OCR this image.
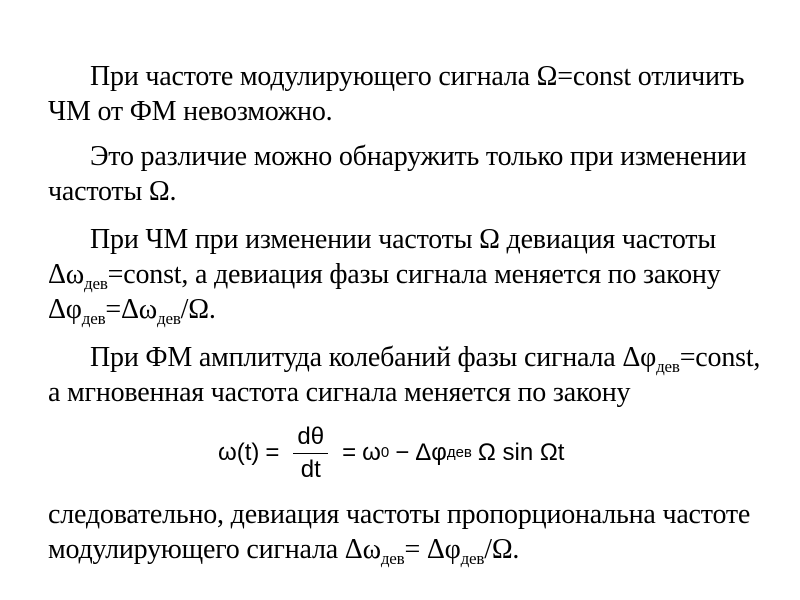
При частоте модулирующего сигнала Ω=const отличить ЧМ от ФМ невозможно.

Это различие можно обнаружить только при изменении частоты Ω.

При ЧМ при изменении частоты Ω девиация частоты $\Delta\omega_{дев}=const$, а девиация фазы сигнала меняется по закону $\Delta\varphi_{дев}=\Delta\omega_{дев}/\Omega$.

При ФМ амплитуда колебаний фазы сигнала $\Delta\varphi_{дев}=const$, а мгновенная частота сигнала меняется по закону

$\omega(t) = \frac{d\theta}{dt} = \omega$ 0 − Δφ дев Ω sin Ωt

следовательно, девиация частоты пропорциональна частоте модулирующего сигнала $\Delta\omega_{дев}= \Delta\varphi_{дев}/\Omega$.
